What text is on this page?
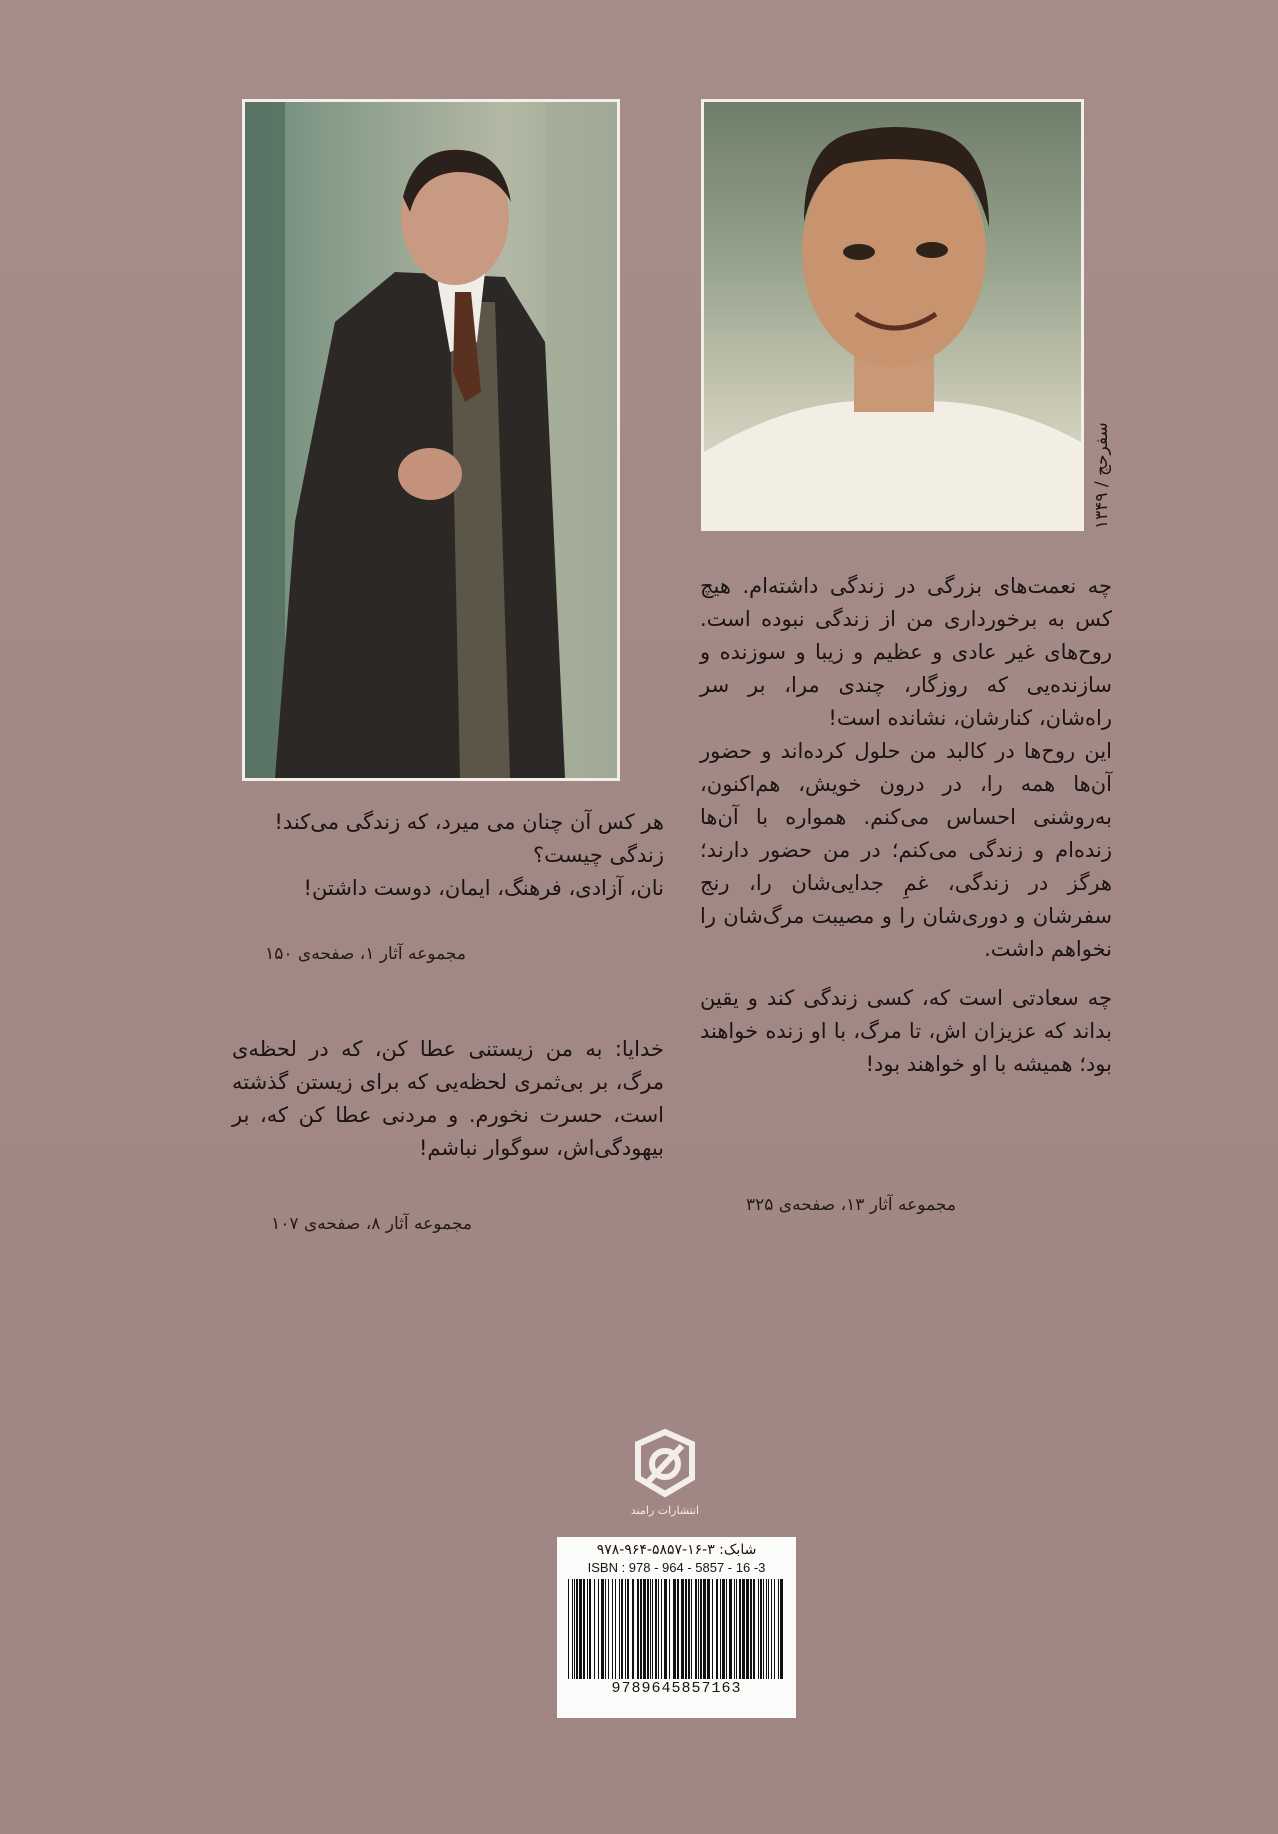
سفرحج / ۱۳۴۹

چه نعمت‌های بزرگی در زندگی داشته‌ام. هیچ کس به برخورداری من از زندگی نبوده است. روح‌های غیر عادی و عظیم و زیبا و سوزنده و سازنده‌یی که روزگار، چندی مرا، بر سر راه‌شان، کنارشان، نشانده است!

این روح‌ها در کالبد من حلول کرده‌اند و حضور آن‌ها همه را، در درون خویش، هم‌اکنون، به‌روشنی احساس می‌کنم. همواره با آن‌ها زنده‌ام و زندگی می‌کنم؛ در من حضور دارند؛ هرگز در زندگی، غمِ جدایی‌شان را، رنج سفرشان و دوری‌شان را و مصیبت مرگ‌شان را نخواهم داشت.

چه سعادتی است که، کسی زندگی کند و یقین بداند که عزیزان اش، تا مرگ، با او زنده خواهند بود؛ همیشه با او خواهند بود!

مجموعه آثار ۱۳، صفحه‌ی ۳۲۵
هر کس آن چنان می میرد، که زندگی می‌کند!
زندگی چیست؟
نان، آزادی، فرهنگ، ایمان، دوست داشتن!
مجموعه آثار ۱، صفحه‌ی ۱۵۰

خدایا: به من زیستنی عطا کن، که در لحظه‌ی مرگ، بر بی‌ثمری لحظه‌یی که برای زیستن گذشته است، حسرت نخورم. و مردنی عطا کن که، بر بیهودگی‌اش، سوگوار نباشم!

مجموعه آثار ۸، صفحه‌ی ۱۰۷
انتشارات رامند
شابک: ۳-۱۶-۵۸۵۷-۹۶۴-۹۷۸
ISBN : 978 - 964 - 5857 - 16 -3
9789645857163
